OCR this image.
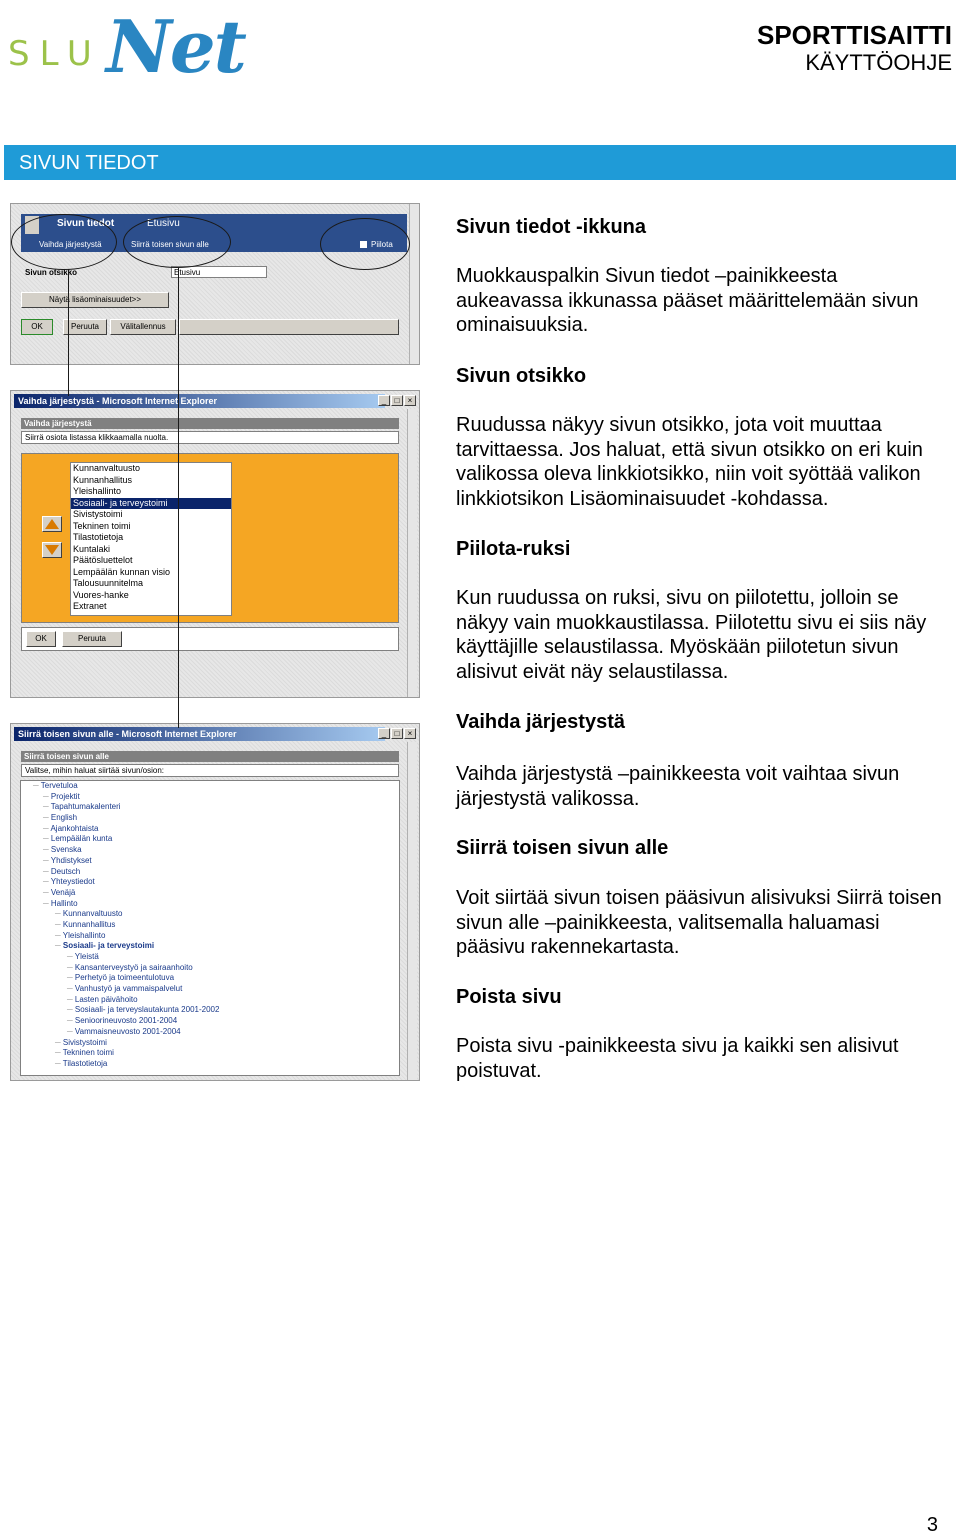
SLU Net	SPORTTISAITTI
KÄYTTÖOHJE
SIVUN TIEDOT
Sivun tiedot	Etusivu
Vaihda järjestystä	Siirrä toisen sivun alle	Piilota
Sivun otsikko	Etusivu
Näytä lisäominaisuudet>>
OK	Peruuta	Välitallennus
Vaihda järjestystä - Microsoft Internet Explorer	_	□	×
Vaihda järjestystä
Siirrä osiota listassa klikkaamalla nuolta.
Kunnanvaltuusto
Kunnanhallitus
Yleishallinto
Sosiaali- ja terveystoimi
Sivistystoimi
Tekninen toimi
Tilastotietoja
Kuntalaki
Päätösluettelot
Lempäälän kunnan visio
Talousuunnitelma
Vuores-hanke
Extranet
OK	Peruuta
Siirrä toisen sivun alle - Microsoft Internet Explorer	_	□	×
Siirrä toisen sivun alle
Valitse, mihin haluat siirtää sivun/osion:
─ Tervetuloa
─ Projektit
─ Tapahtumakalenteri
─ English
─ Ajankohtaista
─ Lempäälän kunta
─ Svenska
─ Yhdistykset
─ Deutsch
─ Yhteystiedot
─ Venäjä
─ Hallinto
─ Kunnanvaltuusto
─ Kunnanhallitus
─ Yleishallinto
─ Sosiaali- ja terveystoimi
─ Yleistä
─ Kansanterveystyö ja sairaanhoito
─ Perhetyö ja toimeentulotuva
─ Vanhustyö ja vammaispalvelut
─ Lasten päivähoito
─ Sosiaali- ja terveyslautakunta 2001-2002
─ Senioorineuvosto 2001-2004
─ Vammaisneuvosto 2001-2004
─ Sivistystoimi
─ Tekninen toimi
─ Tilastotietoja
Sivun tiedot -ikkuna
Muokkauspalkin Sivun tiedot –painikkeesta aukeavassa ikkunassa pääset määrittelemään sivun ominaisuuksia.
Sivun otsikko
Ruudussa näkyy sivun otsikko, jota voit muuttaa tarvittaessa. Jos haluat, että sivun otsikko on eri kuin valikossa oleva linkkiotsikko, niin voit syöttää valikon linkkiotsikon Lisäominaisuudet -kohdassa.
Piilota-ruksi
Kun ruudussa on ruksi, sivu on piilotettu, jolloin se näkyy vain muokkaustilassa. Piilotettu sivu ei siis näy käyttäjille selaustilassa. Myöskään piilotetun sivun alisivut eivät näy selaustilassa.
Vaihda järjestystä
Vaihda järjestystä –painikkeesta voit vaihtaa sivun järjestystä valikossa.
Siirrä toisen sivun alle
Voit siirtää sivun toisen pääsivun alisivuksi Siirrä toisen sivun alle –painikkeesta, valitsemalla haluamasi pääsivu rakennekartasta.
Poista sivu
Poista sivu -painikkeesta sivu ja kaikki sen alisivut poistuvat.
3
